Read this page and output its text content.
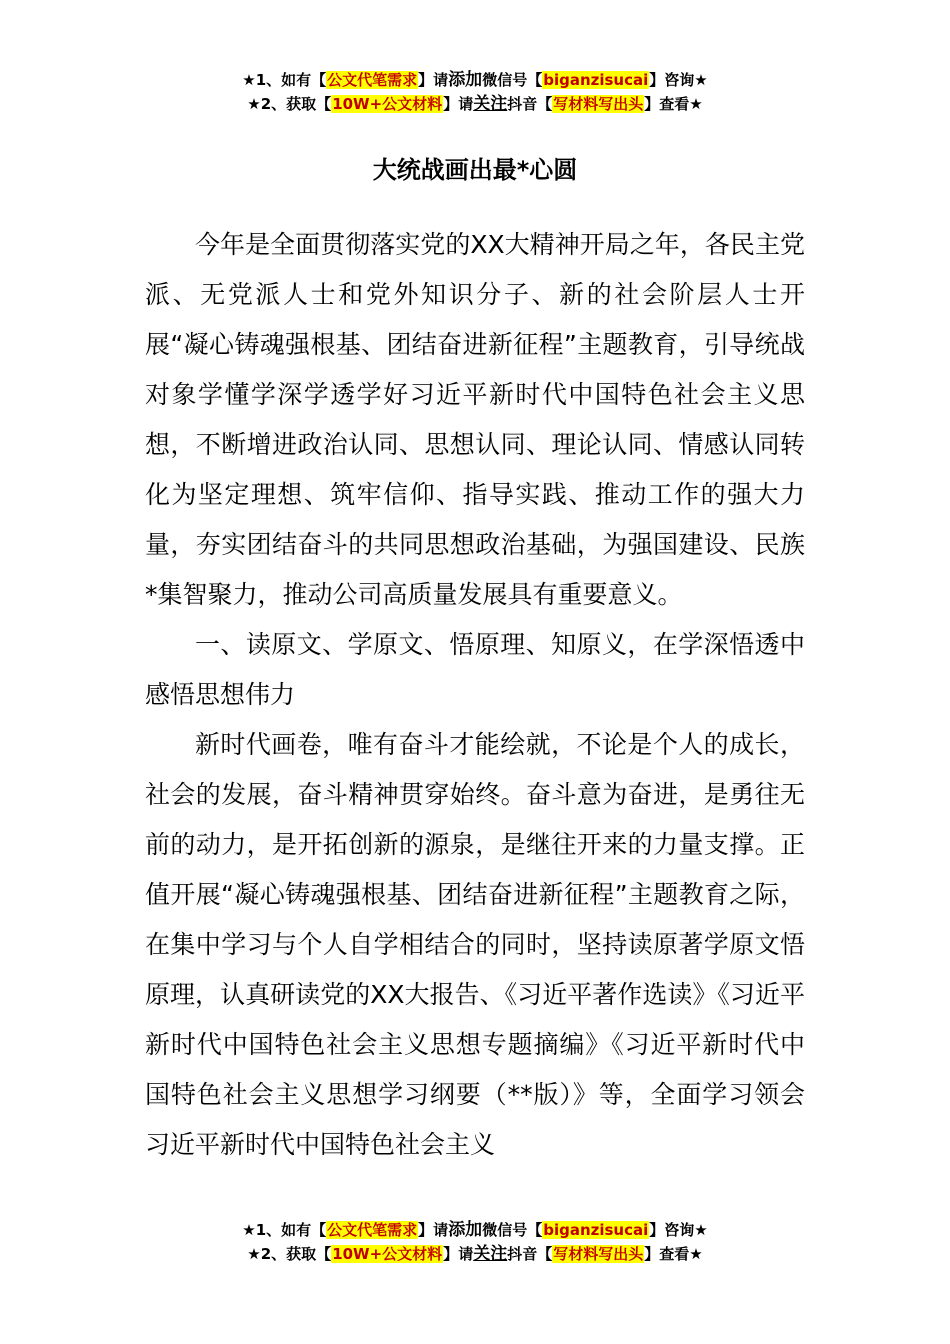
★1、如有【公文代笔需求】请添加微信号【biganzisucai】咨询★
★2、获取【10W+公文材料】请关注抖音【写材料写出头】查看★
大统战画出最*心圆

今年是全面贯彻落实党的XX大精神开局之年，各民主党派、无党派人士和党外知识分子、新的社会阶层人士开展“凝心铸魂强根基、团结奋进新征程”主题教育，引导统战对象学懂学深学透学好习近平新时代中国特色社会主义思想，不断增进政治认同、思想认同、理论认同、情感认同转化为坚定理想、筑牢信仰、指导实践、推动工作的强大力量，夯实团结奋斗的共同思想政治基础，为强国建设、民族*集智聚力，推动公司高质量发展具有重要意义。

一、读原文、学原文、悟原理、知原义，在学深悟透中感悟思想伟力

新时代画卷，唯有奋斗才能绘就，不论是个人的成长，社会的发展，奋斗精神贯穿始终。奋斗意为奋进，是勇往无前的动力，是开拓创新的源泉，是继往开来的力量支撑。正值开展“凝心铸魂强根基、团结奋进新征程”主题教育之际，在集中学习与个人自学相结合的同时，坚持读原著学原文悟原理，认真研读党的XX大报告、《习近平著作选读》《习近平新时代中国特色社会主义思想专题摘编》《习近平新时代中国特色社会主义思想学习纲要（**版）》等，全面学习领会习近平新时代中国特色社会主义

★1、如有【公文代笔需求】请添加微信号【biganzisucai】咨询★
★2、获取【10W+公文材料】请关注抖音【写材料写出头】查看★
